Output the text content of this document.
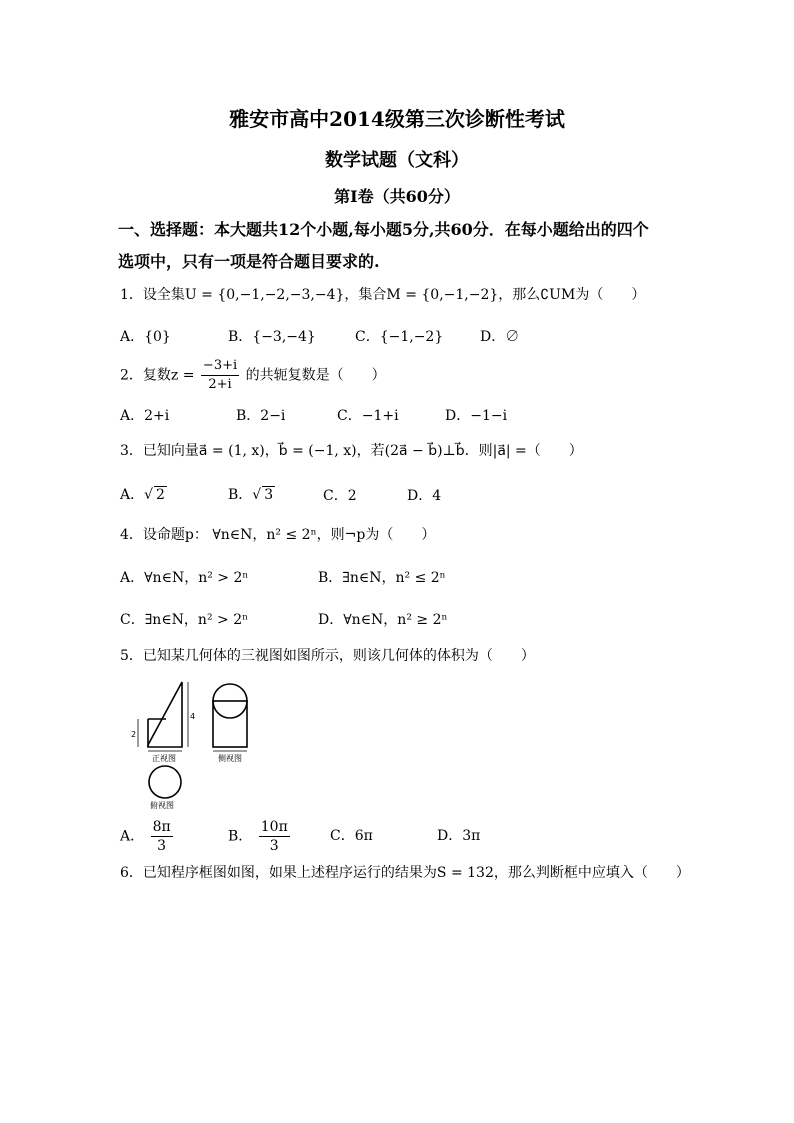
雅安市高中2014级第三次诊断性考试
数学试题（文科）
第Ⅰ卷（共60分）
一、选择题：本大题共12个小题,每小题5分,共60分．在每小题给出的四个
选项中，只有一项是符合题目要求的.
1．设全集U = {0,−1,−2,−3,−4}，集合M = {0,−1,−2}，那么∁UM为（　　）
A．{0}	B．{−3,−4}	C．{−1,−2}	D．∅
2．复数$z = \frac{-3+i}{2+i}$ 的共轭复数是（　　）
A．2+i	B．2−i	C．−1+i	D．−1−i
3．已知向量a⃗ = (1, x)，b⃗ = (−1, x)，若(2a⃗ − b⃗)⊥b⃗．则|a⃗| =（　　）
A．√ 2	B．√ 3	C．2	D．4
4．设命题p： ∀n∈N，n² ≤ 2ⁿ，则¬p为（　　）
A．∀n∈N，n² > 2ⁿ	B．∃n∈N，n² ≤ 2ⁿ
C．∃n∈N，n² > 2ⁿ	D．∀n∈N，n² ≥ 2ⁿ
5．已知某几何体的三视图如图所示，则该几何体的体积为（　　）
4
2
正视图	侧视图
俯视图
A． $\frac{8\pi}{3}$	B． $\frac{10\pi}{3}$	C．6π	D．3π
6．已知程序框图如图，如果上述程序运行的结果为S = 132，那么判断框中应填入（　　）
